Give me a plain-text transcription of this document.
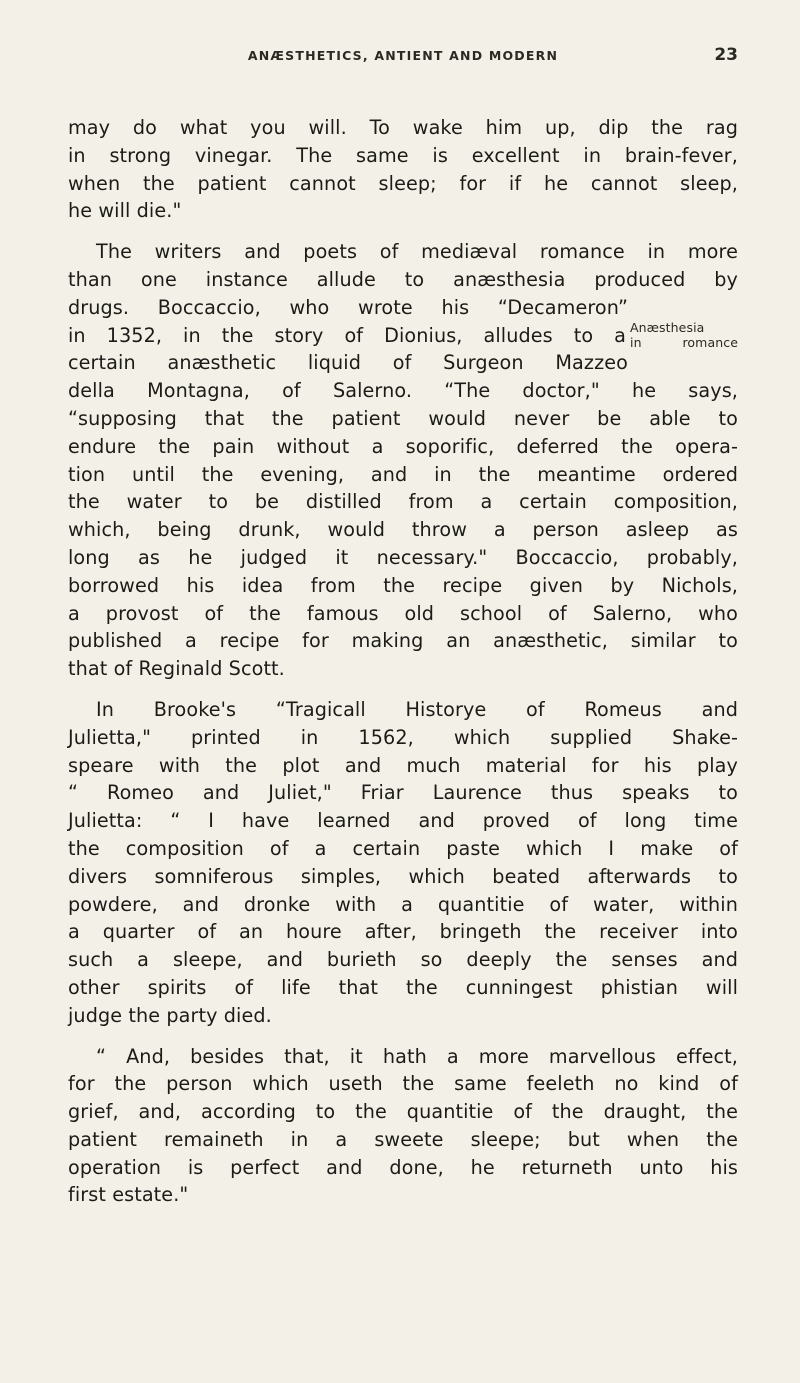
ANÆSTHETICS, ANTIENT AND MODERN	23

may do what you will. To wake him up, dip the rag
in strong vinegar. The same is excellent in brain-fever,
when the patient cannot sleep; for if he cannot sleep,
he will die."

The writers and poets of mediæval romance in more
than one instance allude to anæsthesia produced by
drugs. Boccaccio, who wrote his “Decameron”
in 1352, in the story of Dionius, alludes to a Anæsthesia
in romance
certain anæsthetic liquid of Surgeon Mazzeo
della Montagna, of Salerno. “The doctor," he says,
“supposing that the patient would never be able to
endure the pain without a soporific, deferred the opera-
tion until the evening, and in the meantime ordered
the water to be distilled from a certain composition,
which, being drunk, would throw a person asleep as
long as he judged it necessary." Boccaccio, probably,
borrowed his idea from the recipe given by Nichols,
a provost of the famous old school of Salerno, who
published a recipe for making an anæsthetic, similar to
that of Reginald Scott.

In Brooke's “Tragicall Historye of Romeus and
Julietta," printed in 1562, which supplied Shake-
speare with the plot and much material for his play
“ Romeo and Juliet," Friar Laurence thus speaks to
Julietta: “ I have learned and proved of long time
the composition of a certain paste which I make of
divers somniferous simples, which beated afterwards to
powdere, and dronke with a quantitie of water, within
a quarter of an houre after, bringeth the receiver into
such a sleepe, and burieth so deeply the senses and
other spirits of life that the cunningest phistian will
judge the party died.

“ And, besides that, it hath a more marvellous effect,
for the person which useth the same feeleth no kind of
grief, and, according to the quantitie of the draught, the
patient remaineth in a sweete sleepe; but when the
operation is perfect and done, he returneth unto his
first estate."
